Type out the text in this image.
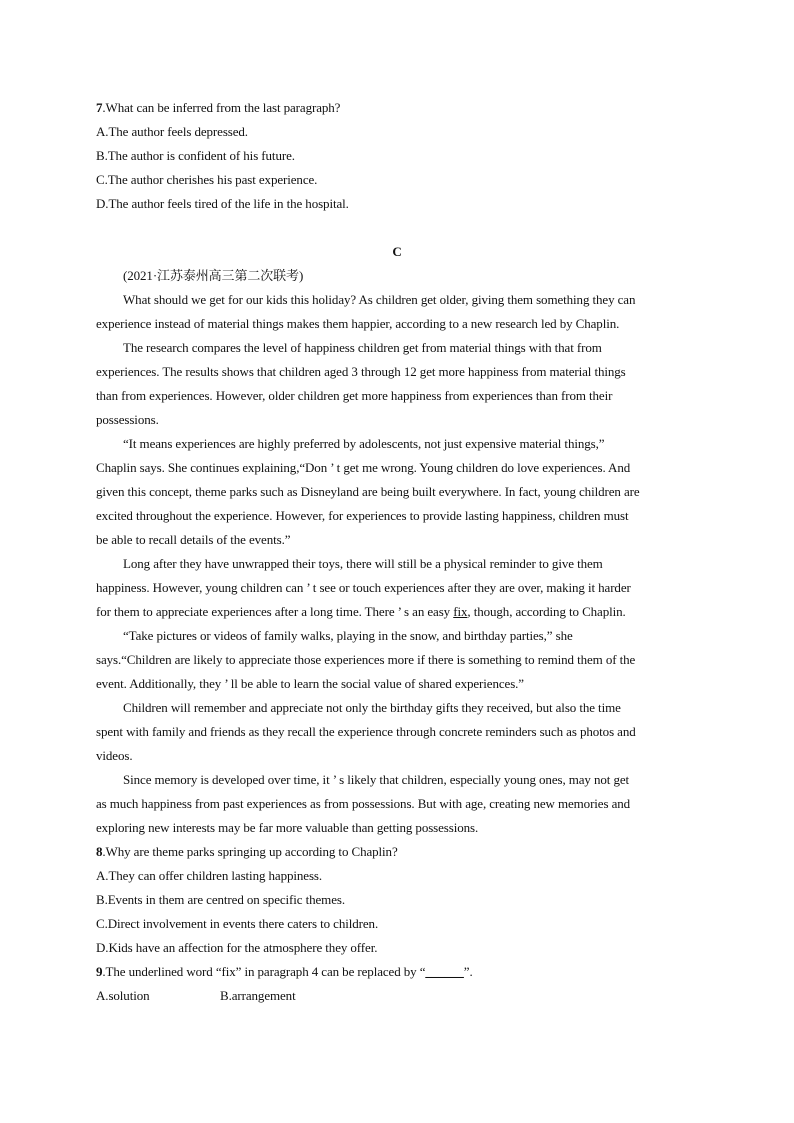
7.What can be inferred from the last paragraph?
A.The author feels depressed.
B.The author is confident of his future.
C.The author cherishes his past experience.
D.The author feels tired of the life in the hospital.
C
(2021·江苏泰州高三第二次联考)
What should we get for our kids this holiday? As children get older, giving them something they can
experience instead of material things makes them happier, according to a new research led by Chaplin.
The research compares the level of happiness children get from material things with that from
experiences. The results shows that children aged 3 through 12 get more happiness from material things
than from experiences. However, older children get more happiness from experiences than from their
possessions.
“It means experiences are highly preferred by adolescents, not just expensive material things,”
Chaplin says. She continues explaining,“Don ’ t get me wrong. Young children do love experiences. And
given this concept, theme parks such as Disneyland are being built everywhere. In fact, young children are
excited throughout the experience. However, for experiences to provide lasting happiness, children must
be able to recall details of the events.”
Long after they have unwrapped their toys, there will still be a physical reminder to give them
happiness. However, young children can ’ t see or touch experiences after they are over, making it harder
for them to appreciate experiences after a long time. There ’ s an easy fix, though, according to Chaplin.
“Take pictures or videos of family walks, playing in the snow, and birthday parties,” she
says.“Children are likely to appreciate those experiences more if there is something to remind them of the
event. Additionally, they ’ ll be able to learn the social value of shared experiences.”
Children will remember and appreciate not only the birthday gifts they received, but also the time
spent with family and friends as they recall the experience through concrete reminders such as photos and
videos.
Since memory is developed over time, it ’ s likely that children, especially young ones, may not get
as much happiness from past experiences as from possessions. But with age, creating new memories and
exploring new interests may be far more valuable than getting possessions.
8.Why are theme parks springing up according to Chaplin?
A.They can offer children lasting happiness.
B.Events in them are centred on specific themes.
C.Direct involvement in events there caters to children.
D.Kids have an affection for the atmosphere they offer.
9.The underlined word “fix” in paragraph 4 can be replaced by “______”.
A.solution	B.arrangement
